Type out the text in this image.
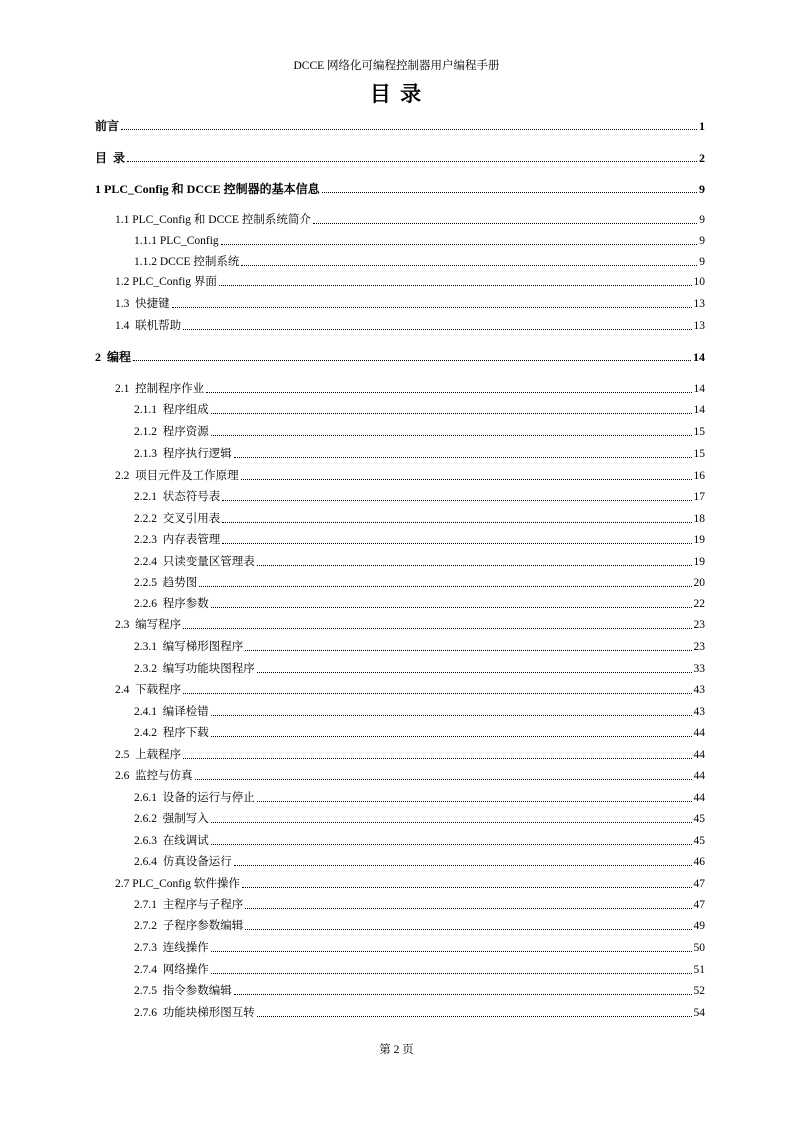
DCCE 网络化可编程控制器用户编程手册
目 录
前言	1
目  录	2
1 PLC_Config 和 DCCE 控制器的基本信息	9
1.1 PLC_Config 和 DCCE 控制系统简介	9
1.1.1 PLC_Config	9
1.1.2 DCCE 控制系统	9
1.2 PLC_Config 界面	10
1.3  快捷键	13
1.4  联机帮助	13
2  编程	14
2.1  控制程序作业	14
2.1.1  程序组成	14
2.1.2  程序资源	15
2.1.3  程序执行逻辑	15
2.2  项目元件及工作原理	16
2.2.1  状态符号表	17
2.2.2  交叉引用表	18
2.2.3  内存表管理	19
2.2.4  只读变量区管理表	19
2.2.5  趋势图	20
2.2.6  程序参数	22
2.3  编写程序	23
2.3.1  编写梯形图程序	23
2.3.2  编写功能块图程序	33
2.4  下载程序	43
2.4.1  编译检错	43
2.4.2  程序下载	44
2.5  上载程序	44
2.6  监控与仿真	44
2.6.1  设备的运行与停止	44
2.6.2  强制写入	45
2.6.3  在线调试	45
2.6.4  仿真设备运行	46
2.7 PLC_Config 软件操作	47
2.7.1  主程序与子程序	47
2.7.2  子程序参数编辑	49
2.7.3  连线操作	50
2.7.4  网络操作	51
2.7.5  指令参数编辑	52
2.7.6  功能块梯形图互转	54
第 2 页
